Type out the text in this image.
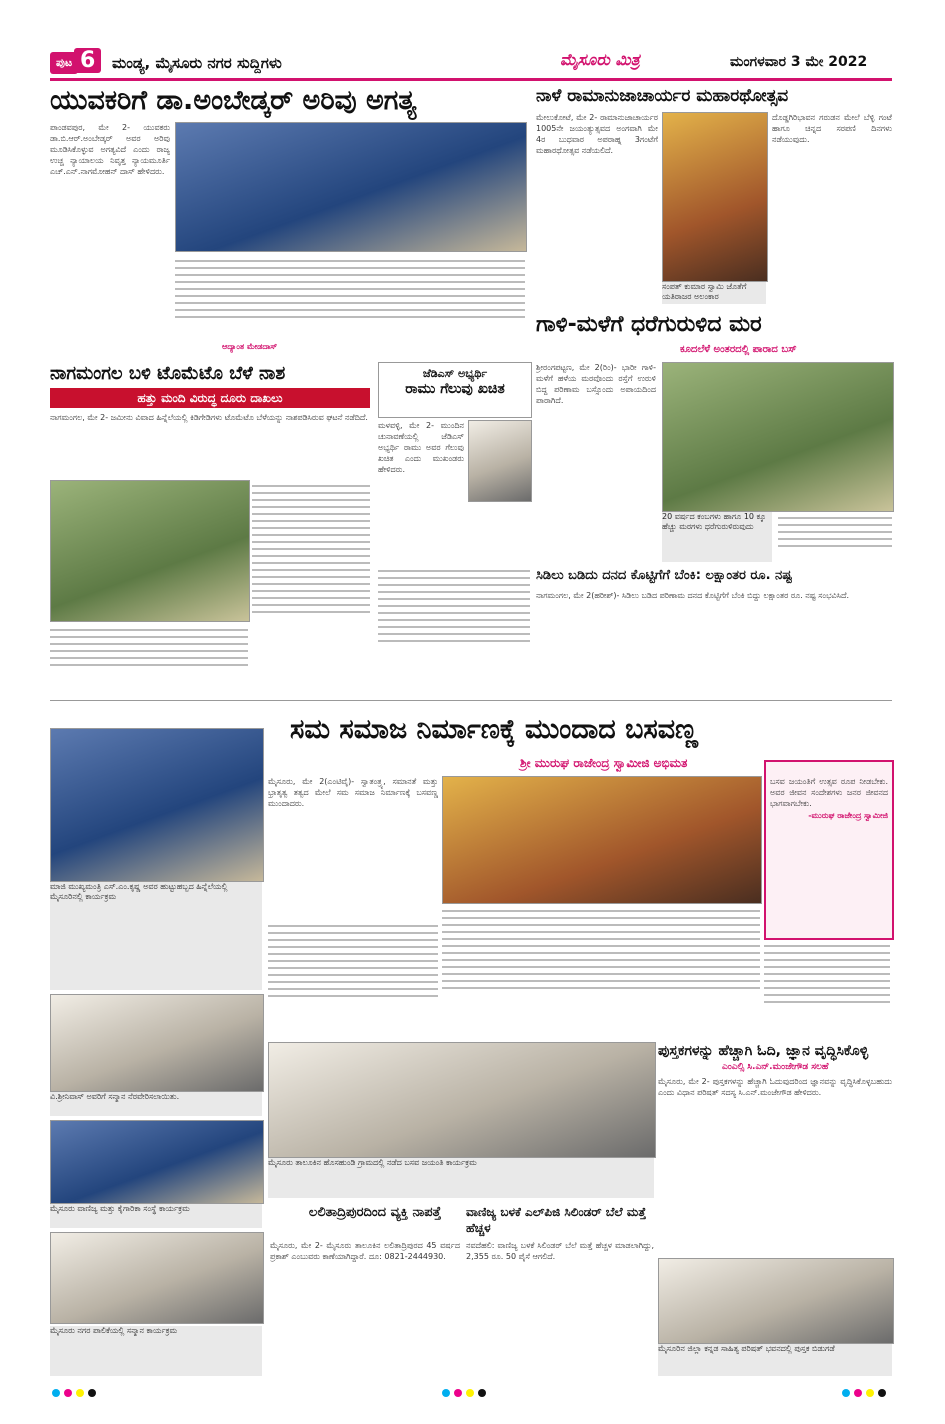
ಪುಟ 6	ಮಂಡ್ಯ, ಮೈಸೂರು ನಗರ ಸುದ್ದಿಗಳು	ಮೈಸೂರು ಮಿತ್ರ	ಮಂಗಳವಾರ 3 ಮೇ 2022
ಯುವಕರಿಗೆ ಡಾ.ಅಂಬೇಡ್ಕರ್ ಅರಿವು ಅಗತ್ಯ
ಪಾಂಡವಪುರ, ಮೇ 2- ಯುವಕರು ಡಾ.ಬಿ.ಆರ್.ಅಂಬೇಡ್ಕರ್ ಅವರ ಅರಿವು ಮೂಡಿಸಿಕೊಳ್ಳುವ ಅಗತ್ಯವಿದೆ ಎಂದು ರಾಜ್ಯ ಉಚ್ಚ ನ್ಯಾಯಾಲಯ ನಿವೃತ್ತ ನ್ಯಾಯಮೂರ್ತಿ ಎಚ್.ಎನ್.ನಾಗಮೋಹನ್ ದಾಸ್ ಹೇಳಿದರು.
ಆದ್ಯಾಂತ ಮೇಡದಾಸ್
ನಾಳೆ ರಾಮಾನುಜಾಚಾರ್ಯರ ಮಹಾರಥೋತ್ಸವ
ಮೇಲುಕೋಟೆ, ಮೇ 2- ರಾಮಾನುಜಾಚಾರ್ಯರ 1005ನೇ ಜಯಂತ್ಯುತ್ಸವದ ಅಂಗವಾಗಿ ಮೇ 4ರ ಬುಧವಾರ ಅಪರಾಹ್ನ 3ಗಂಟೆಗೆ ಮಹಾರಥೋತ್ಸವ ನಡೆಯಲಿದೆ.
ದೊಡ್ಡಗಿರಿಭಾವನ ಗರುಡನ ಮೇಲೆ ಬೆಳ್ಳಿ ಗಂಟೆ ಹಾಗೂ ಚಿನ್ನದ ಸರಪಣಿ ದಿನಗಳು ನಡೆಯುವುದು.
ಸಂಪತ್ ಕುಮಾರ ಸ್ವಾಮಿ ಜೊತೆಗೆ ಯತಿರಾಜರ ಅಲಂಕಾರ
ಗಾಳಿ-ಮಳೆಗೆ ಧರೆಗುರುಳಿದ ಮರ
ಕೂದಲೆಳೆ ಅಂತರದಲ್ಲಿ ಪಾರಾದ ಬಸ್
ಶ್ರೀರಂಗಪಟ್ಟಣ, ಮೇ 2(ರಿಂ)- ಭಾರೀ ಗಾಳಿ-ಮಳೆಗೆ ಹಳೆಯ ಮರವೊಂದು ರಸ್ತೆಗೆ ಉರುಳಿ ಬಿದ್ದ ಪರಿಣಾಮ ಬಸ್ಸೊಂದು ಅಪಾಯದಿಂದ ಪಾರಾಗಿದೆ.
20 ವರ್ಷದ ಕಂಬಗಳು ಹಾಗೂ 10 ಕ್ಕೂ ಹೆಚ್ಚು ಮರಗಳು ಧರೆಗುರುಳಿರುವುದು
ನಾಗಮಂಗಲ ಬಳಿ ಟೊಮೆಟೊ ಬೆಳೆ ನಾಶ
ಹತ್ತು ಮಂದಿ ವಿರುದ್ಧ ದೂರು ದಾಖಲು
ನಾಗಮಂಗಲ, ಮೇ 2- ಜಮೀನು ವಿವಾದ ಹಿನ್ನೆಲೆಯಲ್ಲಿ ಕಿಡಿಗೇಡಿಗಳು ಟೊಮೆಟೊ ಬೆಳೆಯನ್ನು ನಾಶಪಡಿಸಿರುವ ಘಟನೆ ನಡೆದಿದೆ.
ಜೆಡಿಎಸ್ ಅಭ್ಯರ್ಥಿ
ರಾಮು ಗೆಲುವು ಖಚಿತ
ಮಳವಳ್ಳಿ, ಮೇ 2- ಮುಂದಿನ ಚುನಾವಣೆಯಲ್ಲಿ ಜೆಡಿಎಸ್ ಅಭ್ಯರ್ಥಿ ರಾಮು ಅವರ ಗೆಲುವು ಖಚಿತ ಎಂದು ಮುಖಂಡರು ಹೇಳಿದರು.
ಸಿಡಿಲು ಬಡಿದು ದನದ ಕೊಟ್ಟಿಗೆಗೆ ಬೆಂಕಿ: ಲಕ್ಷಾಂತರ ರೂ. ನಷ್ಟ
ನಾಗಮಂಗಲ, ಮೇ 2(ಹರೀಶ್)- ಸಿಡಿಲು ಬಡಿದ ಪರಿಣಾಮ ದನದ ಕೊಟ್ಟಿಗೆಗೆ ಬೆಂಕಿ ಬಿದ್ದು ಲಕ್ಷಾಂತರ ರೂ. ನಷ್ಟ ಸಂಭವಿಸಿದೆ.
ಮಾಜಿ ಮುಖ್ಯಮಂತ್ರಿ ಎಸ್.ಎಂ.ಕೃಷ್ಣ ಅವರ ಹುಟ್ಟುಹಬ್ಬದ ಹಿನ್ನೆಲೆಯಲ್ಲಿ ಮೈಸೂರಿನಲ್ಲಿ ಕಾರ್ಯಕ್ರಮ
ವಿ.ಶ್ರೀನಿವಾಸ್ ಅವರಿಗೆ ಸನ್ಮಾನ ನೆರವೇರಿಸಲಾಯಿತು.
ಮೈಸೂರು ವಾಣಿಜ್ಯ ಮತ್ತು ಕೈಗಾರಿಕಾ ಸಂಸ್ಥೆ ಕಾರ್ಯಕ್ರಮ
ಮೈಸೂರು ನಗರ ಪಾಲಿಕೆಯಲ್ಲಿ ಸನ್ಮಾನ ಕಾರ್ಯಕ್ರಮ
ಸಮ ಸಮಾಜ ನಿರ್ಮಾಣಕ್ಕೆ ಮುಂದಾದ ಬಸವಣ್ಣ
ಶ್ರೀ ಮುರುಘ ರಾಜೇಂದ್ರ ಸ್ವಾಮೀಜಿ ಅಭಿಮತ
ಮೈಸೂರು, ಮೇ 2(ಎಂಟಿವೈ)- ಸ್ವಾತಂತ್ರ್ಯ, ಸಮಾನತೆ ಮತ್ತು ಭ್ರಾತೃತ್ವ ತತ್ವದ ಮೇಲೆ ಸಮ ಸಮಾಜ ನಿರ್ಮಾಣಕ್ಕೆ ಬಸವಣ್ಣ ಮುಂದಾದರು.
ಬಸವ ಜಯಂತಿಗೆ ಉತ್ಸವ ರೂಪ ನೀಡಬೇಕು. ಅವರ ಜೀವನ ಸಂದೇಶಗಳು ಜನರ ಜೀವನದ ಭಾಗವಾಗಬೇಕು.
-ಮುರುಘ ರಾಜೇಂದ್ರ ಸ್ವಾಮೀಜಿ
ಮೈಸೂರು ತಾಲೂಕಿನ ಹೊಸಹುಂಡಿ ಗ್ರಾಮದಲ್ಲಿ ನಡೆದ ಬಸವ ಜಯಂತಿ ಕಾರ್ಯಕ್ರಮ
ಪುಸ್ತಕಗಳನ್ನು ಹೆಚ್ಚಾಗಿ ಓದಿ, ಜ್ಞಾನ ವೃದ್ಧಿಸಿಕೊಳ್ಳಿ
ಎಂಎಲ್ಸಿ ಸಿ.ಎನ್.ಮಂಜೇಗೌಡ ಸಲಹೆ
ಮೈಸೂರು, ಮೇ 2- ಪುಸ್ತಕಗಳನ್ನು ಹೆಚ್ಚಾಗಿ ಓದುವುದರಿಂದ ಜ್ಞಾನವನ್ನು ವೃದ್ಧಿಸಿಕೊಳ್ಳಬಹುದು ಎಂದು ವಿಧಾನ ಪರಿಷತ್ ಸದಸ್ಯ ಸಿ.ಎನ್.ಮಂಜೇಗೌಡ ಹೇಳಿದರು.
ಮೈಸೂರಿನ ಜಿಲ್ಲಾ ಕನ್ನಡ ಸಾಹಿತ್ಯ ಪರಿಷತ್ ಭವನದಲ್ಲಿ ಪುಸ್ತಕ ಬಿಡುಗಡೆ
ಲಲಿತಾದ್ರಿಪುರದಿಂದ ವ್ಯಕ್ತಿ ನಾಪತ್ತೆ
ಮೈಸೂರು, ಮೇ 2- ಮೈಸೂರು ತಾಲೂಕಿನ ಲಲಿತಾದ್ರಿಪುರದ 45 ವರ್ಷದ ಪ್ರಕಾಶ್ ಎಂಬುವರು ಕಾಣೆಯಾಗಿದ್ದಾರೆ. ದೂ: 0821-2444930.
ವಾಣಿಜ್ಯ ಬಳಕೆ ಎಲ್‌ಪಿಜಿ ಸಿಲಿಂಡರ್ ಬೆಲೆ ಮತ್ತೆ ಹೆಚ್ಚಳ
ನವದೆಹಲಿ: ವಾಣಿಜ್ಯ ಬಳಕೆ ಸಿಲಿಂಡರ್ ಬೆಲೆ ಮತ್ತೆ ಹೆಚ್ಚಳ ಮಾಡಲಾಗಿದ್ದು, 2,355 ರೂ. 50 ಪೈಸೆ ಆಗಲಿದೆ.
